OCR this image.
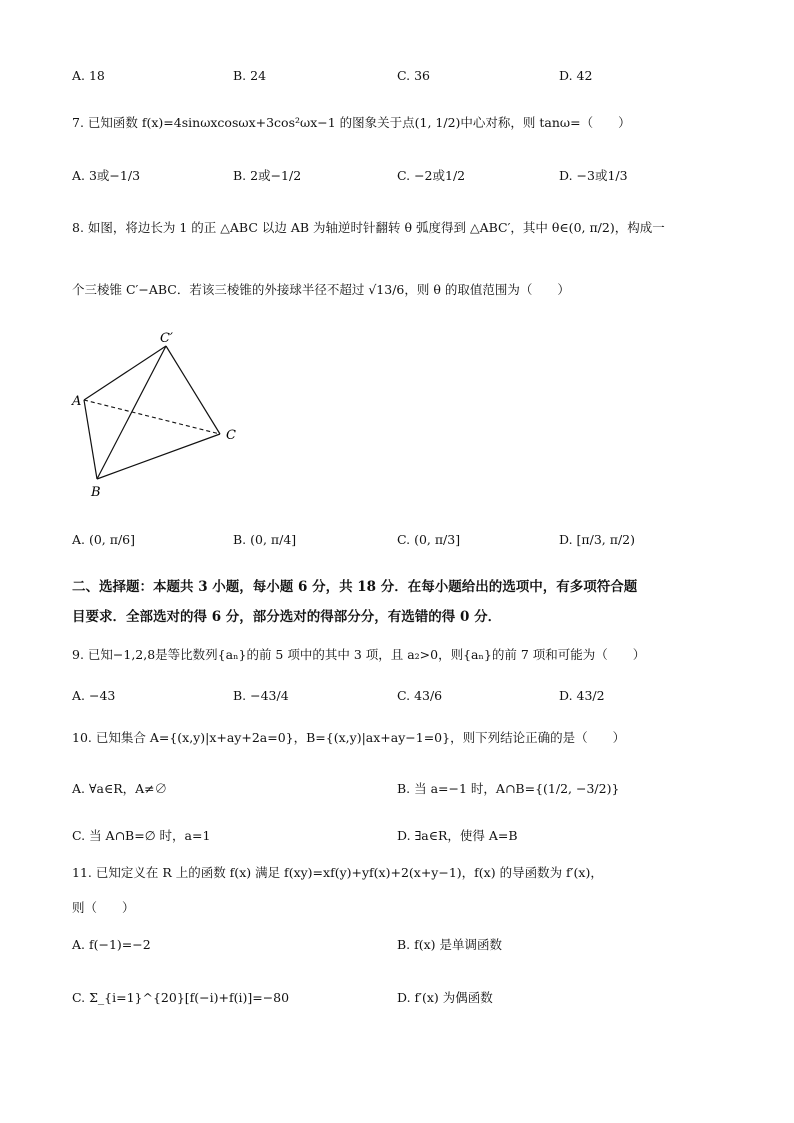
A. 18	B. 24	C. 36	D. 42
7. 已知函数 f(x)=4sinωxcosωx+3cos²ωx−1 的图象关于点(1, 1/2)中心对称，则 tanω=（　　）
A. 3或−1/3	B. 2或−1/2	C. −2或1/2	D. −3或1/3
8. 如图，将边长为 1 的正 △ABC 以边 AB 为轴逆时针翻转 θ 弧度得到 △ABC′，其中 θ∈(0, π/2)，构成一
个三棱锥 C′−ABC．若该三棱锥的外接球半径不超过 √13/6，则 θ 的取值范围为（　　）
C′
A
B
C
A. (0, π/6]	B. (0, π/4]	C. (0, π/3]	D. [π/3, π/2)
二、选择题：本题共 3 小题，每小题 6 分，共 18 分．在每小题给出的选项中，有多项符合题
目要求．全部选对的得 6 分，部分选对的得部分分，有选错的得 0 分．
9. 已知−1,2,8是等比数列{aₙ}的前 5 项中的其中 3 项，且 a₂>0，则{aₙ}的前 7 项和可能为（　　）
A. −43	B. −43/4	C. 43/6	D. 43/2
10. 已知集合 A={(x,y)|x+ay+2a=0}，B={(x,y)|ax+ay−1=0}，则下列结论正确的是（　　）
A. ∀a∈R，A≠∅	B. 当 a=−1 时，A∩B={(1/2, −3/2)}
C. 当 A∩B=∅ 时，a=1	D. ∃a∈R，使得 A=B
11. 已知定义在 R 上的函数 f(x) 满足 f(xy)=xf(y)+yf(x)+2(x+y−1)，f(x) 的导函数为 f′(x)，
则（　　）
A. f(−1)=−2	B. f(x) 是单调函数
C. Σ_{i=1}^{20}[f(−i)+f(i)]=−80	D. f′(x) 为偶函数
